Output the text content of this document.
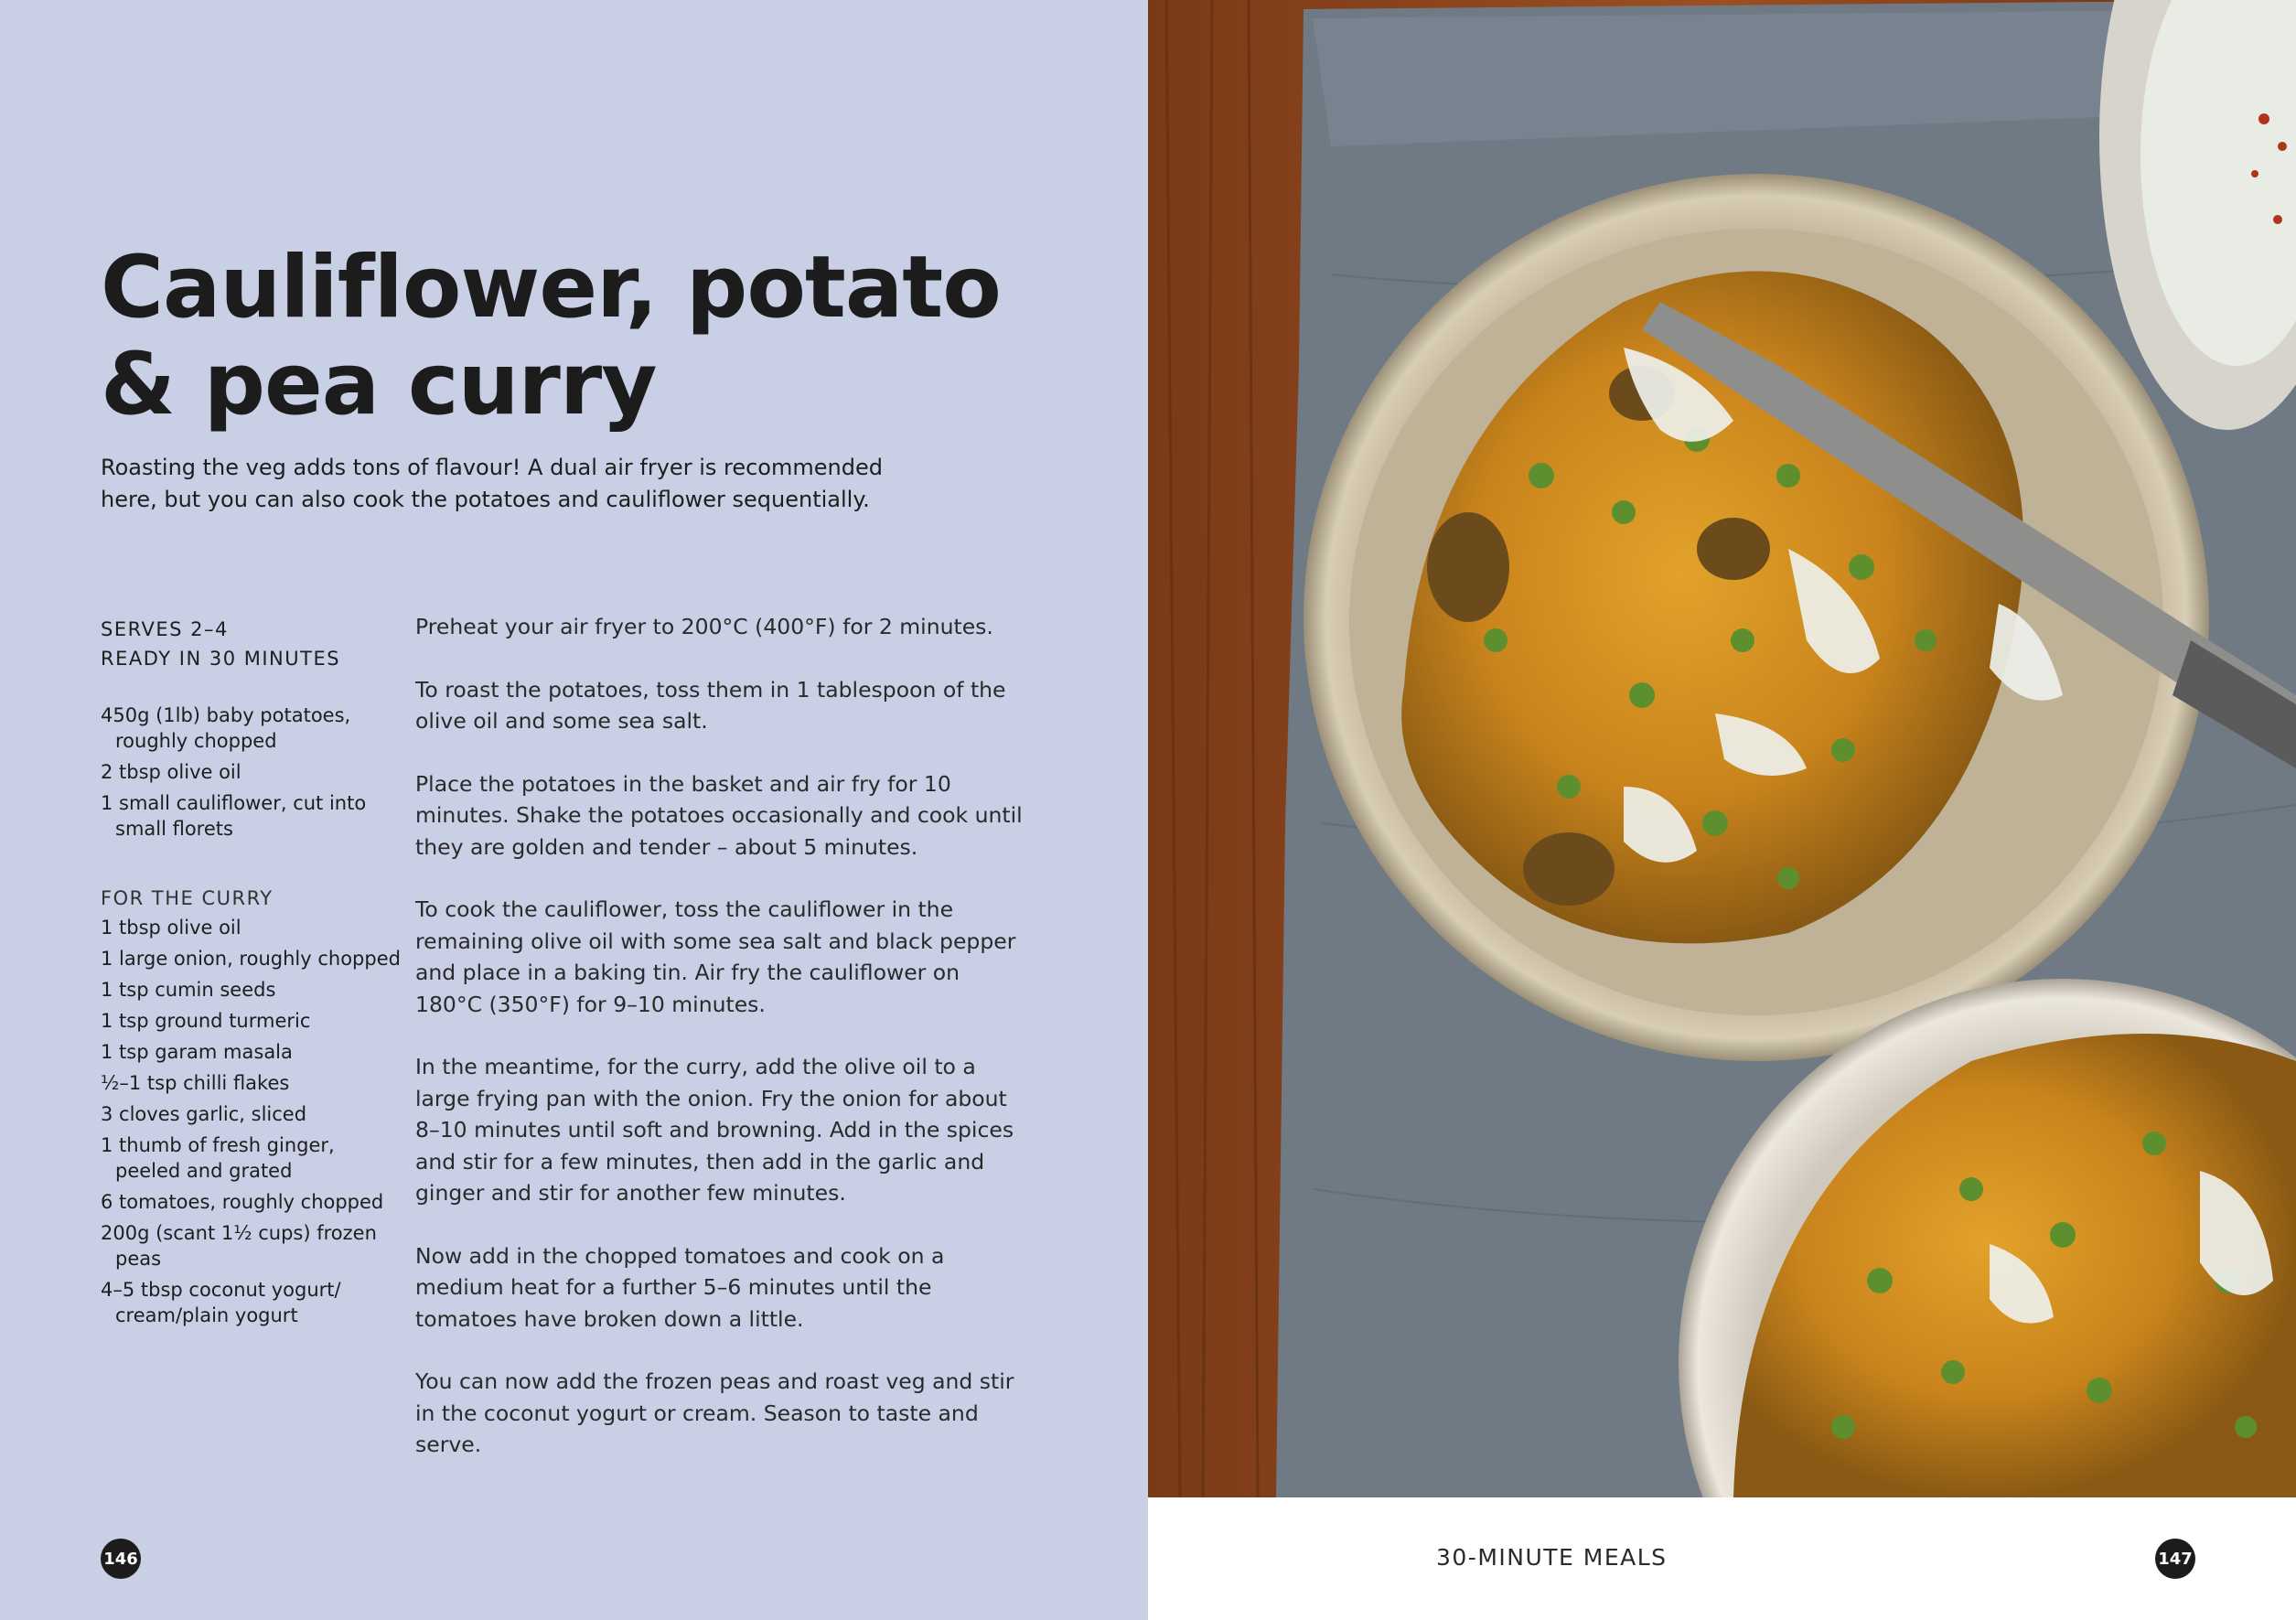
Cauliflower, potato
& pea curry

Roasting the veg adds tons of flavour! A dual air fryer is recommended
here, but you can also cook the potatoes and cauliflower sequentially.

SERVES 2–4
READY IN 30 MINUTES
450g (1lb) baby potatoes, roughly chopped
2 tbsp olive oil
1 small cauliflower, cut into small florets
FOR THE CURRY
1 tbsp olive oil
1 large onion, roughly chopped
1 tsp cumin seeds
1 tsp ground turmeric
1 tsp garam masala
½–1 tsp chilli flakes
3 cloves garlic, sliced
1 thumb of fresh ginger, peeled and grated
6 tomatoes, roughly chopped
200g (scant 1½ cups) frozen peas
4–5 tbsp coconut yogurt/ cream/plain yogurt

Preheat your air fryer to 200°C (400°F) for 2 minutes.

To roast the potatoes, toss them in 1 tablespoon of the olive oil and some sea salt.

Place the potatoes in the basket and air fry for 10 minutes. Shake the potatoes occasionally and cook until they are golden and tender – about 5 minutes.

To cook the cauliflower, toss the cauliflower in the remaining olive oil with some sea salt and black pepper and place in a baking tin. Air fry the cauliflower on 180°C (350°F) for 9–10 minutes.

In the meantime, for the curry, add the olive oil to a large frying pan with the onion. Fry the onion for about 8–10 minutes until soft and browning. Add in the spices and stir for a few minutes, then add in the garlic and ginger and stir for another few minutes.

Now add in the chopped tomatoes and cook on a medium heat for a further 5–6 minutes until the tomatoes have broken down a little.

You can now add the frozen peas and roast veg and stir in the coconut yogurt or cream. Season to taste and serve.

146	147
30-MINUTE MEALS
